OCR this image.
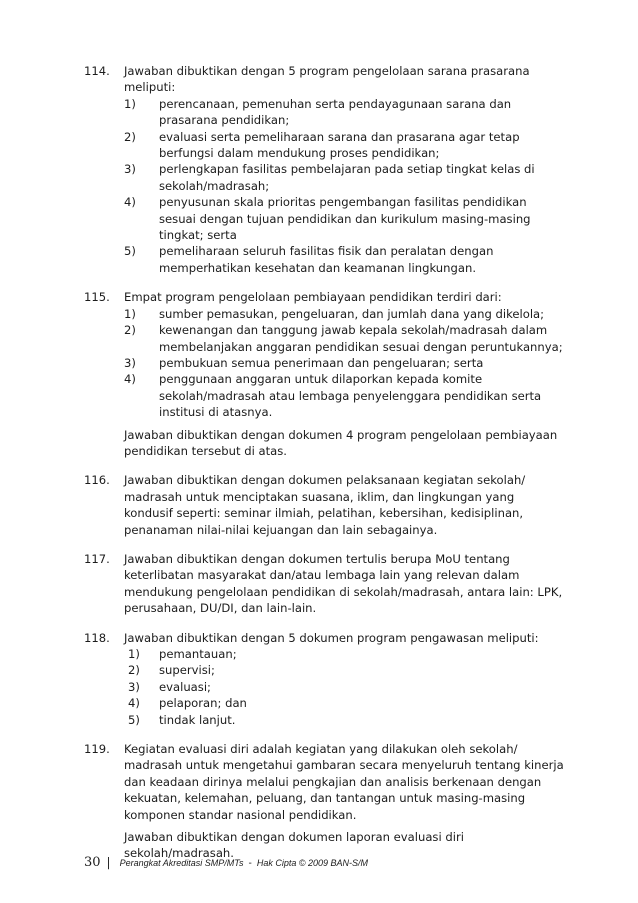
114.	Jawaban dibuktikan dengan 5 program pengelolaan sarana prasarana meliputi:

1)	perencanaan, pemenuhan serta pendayagunaan sarana dan prasarana pendidikan;
2)	evaluasi serta pemeliharaan sarana dan prasarana agar tetap berfungsi dalam mendukung proses pendidikan;
3)	perlengkapan fasilitas pembelajaran pada setiap tingkat kelas di sekolah/madrasah;
4)	penyusunan skala prioritas pengembangan fasilitas pendidikan sesuai dengan tujuan pendidikan dan kurikulum masing-masing tingkat; serta
5)	pemeliharaan seluruh fasilitas fisik dan peralatan dengan memperhatikan kesehatan dan keamanan lingkungan.
115.	Empat program pengelolaan pembiayaan pendidikan terdiri dari:

1)	sumber pemasukan, pengeluaran, dan jumlah dana yang dikelola;
2)	kewenangan dan tanggung jawab kepala sekolah/madrasah dalam membelanjakan anggaran pendidikan sesuai dengan peruntukannya;
3)	pembukuan semua penerimaan dan pengeluaran; serta
4)	penggunaan anggaran untuk dilaporkan kepada komite sekolah/madrasah atau lembaga penyelenggara pendidikan serta institusi di atasnya.

Jawaban dibuktikan dengan dokumen 4 program pengelolaan pembiayaan pendidikan tersebut di atas.

116.	Jawaban dibuktikan dengan dokumen pelaksanaan kegiatan sekolah/ madrasah untuk menciptakan suasana, iklim, dan lingkungan yang kondusif seperti: seminar ilmiah, pelatihan, kebersihan, kedisiplinan, penanaman nilai-nilai kejuangan dan lain sebagainya.

117.	Jawaban dibuktikan dengan dokumen tertulis berupa MoU tentang keterlibatan masyarakat dan/atau lembaga lain yang relevan dalam mendukung pengelolaan pendidikan di sekolah/madrasah, antara lain: LPK, perusahaan, DU/DI, dan lain-lain.

118.	Jawaban dibuktikan dengan 5 dokumen program pengawasan meliputi:

1)	pemantauan;
2)	supervisi;
3)	evaluasi;
4)	pelaporan; dan
5)	tindak lanjut.
119.	Kegiatan evaluasi diri adalah kegiatan yang dilakukan oleh sekolah/ madrasah untuk mengetahui gambaran secara menyeluruh tentang kinerja dan keadaan dirinya melalui pengkajian dan analisis berkenaan dengan kekuatan, kelemahan, peluang, dan tantangan untuk masing-masing komponen standar nasional pendidikan.

Jawaban dibuktikan dengan dokumen laporan evaluasi diri sekolah/madrasah.

30 | Perangkat Akreditasi SMP/MTs - Hak Cipta © 2009 BAN-S/M
